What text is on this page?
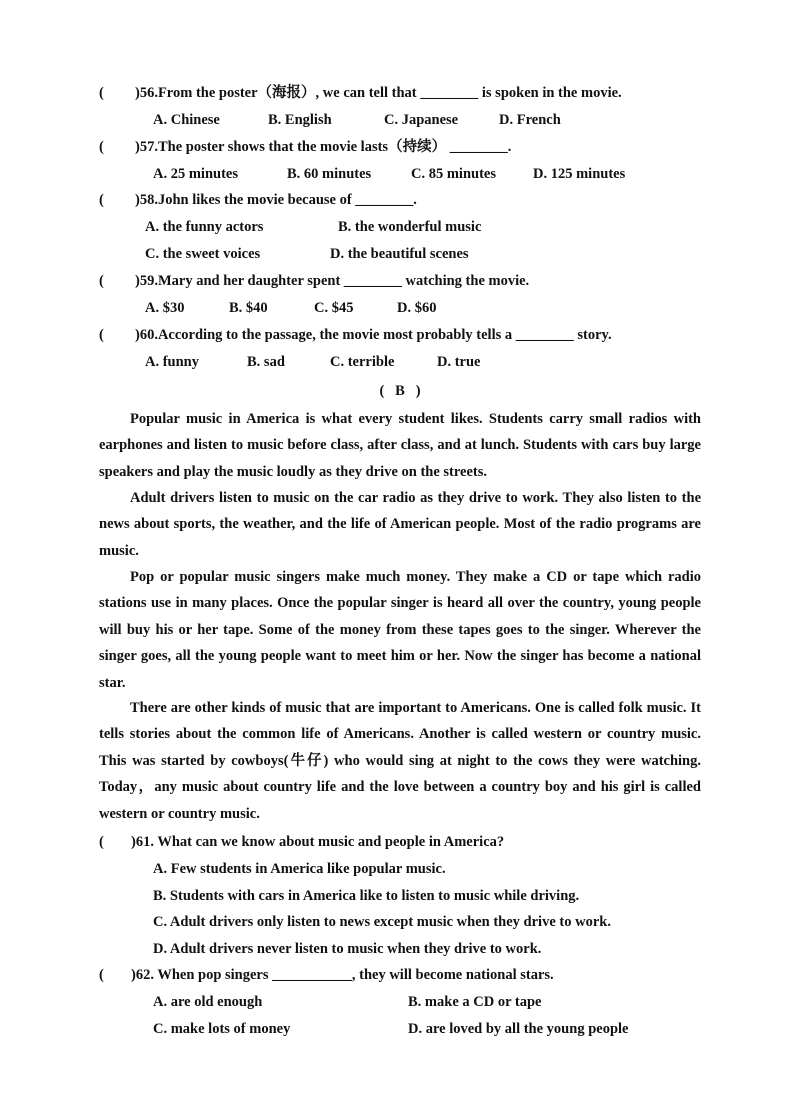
( )56.From the poster（海报）, we can tell that ________ is spoken in the movie.
A. Chinese	B. English	C. Japanese	D. French
( )57.The poster shows that the movie lasts（持续） ________.
A. 25 minutes	B. 60 minutes	C. 85 minutes	D. 125 minutes
( )58.John likes the movie because of ________.
A. the funny actors	B. the wonderful music
C. the sweet voices	D. the beautiful scenes
( )59.Mary and her daughter spent ________ watching the movie.
A. $30	B. $40	C. $45	D. $60
( )60.According to the passage, the movie most probably tells a ________ story.
A. funny	B. sad	C. terrible	D. true
(   B   )

Popular music in America is what every student likes. Students carry small radios with earphones and listen to music before class, after class, and at lunch. Students with cars buy large speakers and play the music loudly as they drive on the streets.

Adult drivers listen to music on the car radio as they drive to work. They also listen to the news about sports, the weather, and the life of American people. Most of the radio programs are music.

Pop or popular music singers make much money. They make a CD or tape which radio stations use in many places. Once the popular singer is heard all over the country, young people will buy his or her tape. Some of the money from these tapes goes to the singer. Wherever the singer goes, all the young people want to meet him or her. Now the singer has become a national star.

There are other kinds of music that are important to Americans. One is called folk music. It tells stories about the common life of Americans. Another is called western or country music. This was started by cowboys(牛仔) who would sing at night to the cows they were watching. Today，any music about country life and the love between a country boy and his girl is called western or country music.

( )61. What can we know about music and people in America?
A. Few students in America like popular music.
B. Students with cars in America like to listen to music while driving.
C. Adult drivers only listen to news except music when they drive to work.
D. Adult drivers never listen to music when they drive to work.
( )62. When pop singers ___________, they will become national stars.
A. are old enough	B. make a CD or tape
C. make lots of money	D. are loved by all the young people
